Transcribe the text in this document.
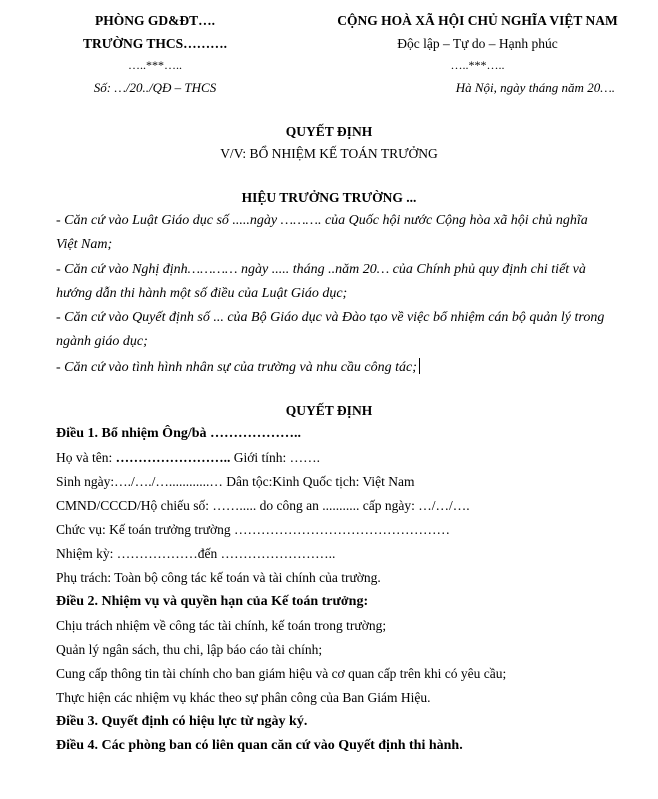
PHÒNG GD&ĐT….
TRƯỜNG THCS……….
…..***…..
Số: …/20../QĐ – THCS
CỘNG HOÀ XÃ HỘI CHỦ NGHĨA VIỆT NAM
Độc lập – Tự do – Hạnh phúc
…..***…..
Hà Nội, ngày tháng năm 20….
QUYẾT ĐỊNH
V/V: BỔ NHIỆM KẾ TOÁN TRƯỞNG
HIỆU TRƯỞNG TRƯỜNG ...
- Căn cứ vào Luật Giáo dục số .....ngày ………. của Quốc hội nước Cộng hòa xã hội chủ nghĩa
Việt Nam;
- Căn cứ vào Nghị định………… ngày ..... tháng ..năm 20… của Chính phủ quy định chi tiết và
hướng dẫn thi hành một số điều của Luật Giáo dục;
- Căn cứ vào Quyết định số ... của Bộ Giáo dục và Đào tạo về việc bổ nhiệm cán bộ quản lý trong
ngành giáo dục;
- Căn cứ vào tình hình nhân sự của trường và nhu cầu công tác;
QUYẾT ĐỊNH
Điều 1. Bổ nhiệm Ông/bà ………………..
Họ và tên: …………………….. Giới tính: …….
Sinh ngày:…./…./…............… Dân tộc:Kinh Quốc tịch: Việt Nam
CMND/CCCD/Hộ chiếu số: ……..... do công an ........... cấp ngày: …/…/….
Chức vụ: Kế toán trưởng trường …………………………………………
Nhiệm kỳ: ………………đến ……………………..
Phụ trách: Toàn bộ công tác kế toán và tài chính của trường.
Điều 2. Nhiệm vụ và quyền hạn của Kế toán trưởng:
Chịu trách nhiệm về công tác tài chính, kế toán trong trường;
Quản lý ngân sách, thu chi, lập báo cáo tài chính;
Cung cấp thông tin tài chính cho ban giám hiệu và cơ quan cấp trên khi có yêu cầu;
Thực hiện các nhiệm vụ khác theo sự phân công của Ban Giám Hiệu.
Điều 3. Quyết định có hiệu lực từ ngày ký.
Điều 4. Các phòng ban có liên quan căn cứ vào Quyết định thi hành.
